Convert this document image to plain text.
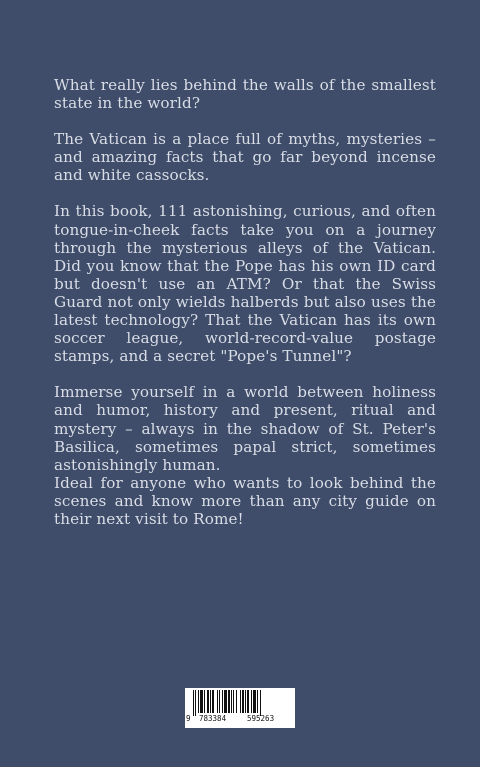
What really lies behind the walls of the smallest state in the world?

The Vatican is a place full of myths, mysteries – and amazing facts that go far beyond incense and white cassocks.

In this book, 111 astonishing, curious, and often tongue-in-cheek facts take you on a journey through the mysterious alleys of the Vatican. Did you know that the Pope has his own ID card but doesn't use an ATM? Or that the Swiss Guard not only wields halberds but also uses the latest technology? That the Vatican has its own soccer league, world-record-value postage stamps, and a secret "Pope's Tunnel"?

Immerse yourself in a world between holiness and humor, history and present, ritual and mystery – always in the shadow of St. Peter's Basilica, sometimes papal strict, sometimes astonishingly human.

Ideal for anyone who wants to look behind the scenes and know more than any city guide on their next visit to Rome!

9 783384	595263
